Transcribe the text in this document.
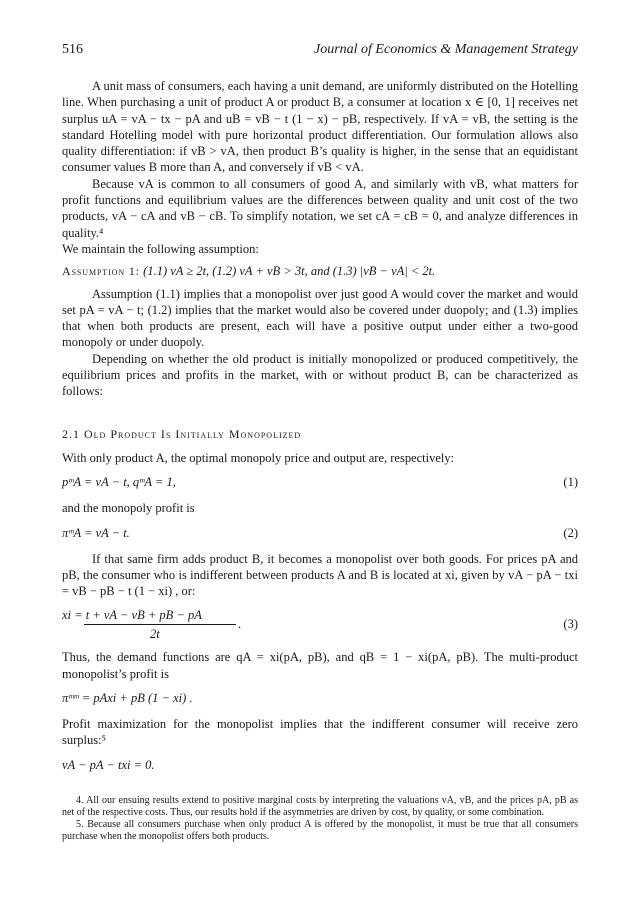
516	Journal of Economics & Management Strategy

A unit mass of consumers, each having a unit demand, are uniformly distributed on the Hotelling line. When purchasing a unit of product A or product B, a consumer at location x ∈ [0, 1] receives net surplus uA = vA − tx − pA and uB = vB − t (1 − x) − pB, respectively. If vA = vB, the setting is the standard Hotelling model with pure horizontal product differentiation. Our formulation allows also quality differentiation: if vB > vA, then product B’s quality is higher, in the sense that an equidistant consumer values B more than A, and conversely if vB < vA.

Because vA is common to all consumers of good A, and similarly with vB, what matters for profit functions and equilibrium values are the differences between quality and unit cost of the two products, vA − cA and vB − cB. To simplify notation, we set cA = cB = 0, and analyze differences in quality.⁴

We maintain the following assumption:

Assumption 1: (1.1) vA ≥ 2t, (1.2) vA + vB > 3t, and (1.3) |vB − vA| < 2t.

Assumption (1.1) implies that a monopolist over just good A would cover the market and would set pA = vA − t; (1.2) implies that the market would also be covered under duopoly; and (1.3) implies that when both products are present, each will have a positive output under either a two-good monopoly or under duopoly.

Depending on whether the old product is initially monopolized or produced competitively, the equilibrium prices and profits in the market, with or without product B, can be characterized as follows:

2.1 Old Product Is Initially Monopolized

With only product A, the optimal monopoly price and output are, respectively:

pᵐA = vA − t, qᵐA = 1,	(1)

and the monopoly profit is

πᵐA = vA − t.	(2)

If that same firm adds product B, it becomes a monopolist over both goods. For prices pA and pB, the consumer who is indifferent between products A and B is located at xi, given by vA − pA − txi = vB − pB − t (1 − xi) , or:

xi = t + vA − vB + pB − pA
2t
.	(3)

Thus, the demand functions are qA = xi(pA, pB), and qB = 1 − xi(pA, pB). The multi-product monopolist’s profit is

πᵐᵐ = pAxi + pB (1 − xi) .

Profit maximization for the monopolist implies that the indifferent consumer will receive zero surplus:⁵

vA − pA − txi = 0.

4. All our ensuing results extend to positive marginal costs by interpreting the valuations vA, vB, and the prices pA, pB as net of the respective costs. Thus, our results hold if the asymmetries are driven by cost, by quality, or some combination.

5. Because all consumers purchase when only product A is offered by the monopolist, it must be true that all consumers purchase when the monopolist offers both products.
